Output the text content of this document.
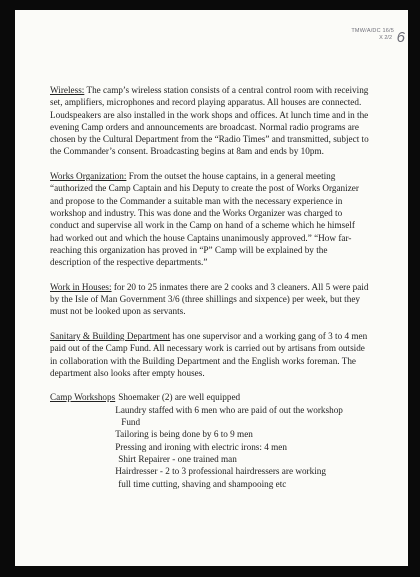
TMW/A/DC 16/5
X 2/2 6

Wireless: The camp’s wireless station consists of a central control room with receiving set, amplifiers, microphones and record playing apparatus. All houses are connected. Loudspeakers are also installed in the work shops and offices. At lunch time and in the evening Camp orders and announcements are broadcast. Normal radio programs are chosen by the Cultural Department from the “Radio Times” and transmitted, subject to the Commander’s consent. Broadcasting begins at 8am and ends by 10pm.

Works Organization: From the outset the house captains, in a general meeting “authorized the Camp Captain and his Deputy to create the post of Works Organizer and propose to the Commander a suitable man with the necessary experience in workshop and industry. This was done and the Works Organizer was charged to conduct and supervise all work in the Camp on hand of a scheme which he himself had worked out and which the house Captains unanimously approved.” “How far-reaching this organization has proved in “P” Camp will be explained by the description of the respective departments.”

Work in Houses: for 20 to 25 inmates there are 2 cooks and 3 cleaners. All 5 were paid by the Isle of Man Government 3/6 (three shillings and sixpence) per week, but they must not be looked upon as servants.

Sanitary & Building Department has one supervisor and a working gang of 3 to 4 men paid out of the Camp Fund. All necessary work is carried out by artisans from outside in collaboration with the Building Department and the English works foreman. The department also looks after empty houses.

Camp Workshops Shoemaker (2) are well equipped
Laundry staffed with 6 men who are paid of out the workshop
Fund
Tailoring is being done by 6 to 9 men
Pressing and ironing with electric irons: 4 men
Shirt Repairer - one trained man
Hairdresser - 2 to 3 professional hairdressers are working
full time cutting, shaving and shampooing etc
